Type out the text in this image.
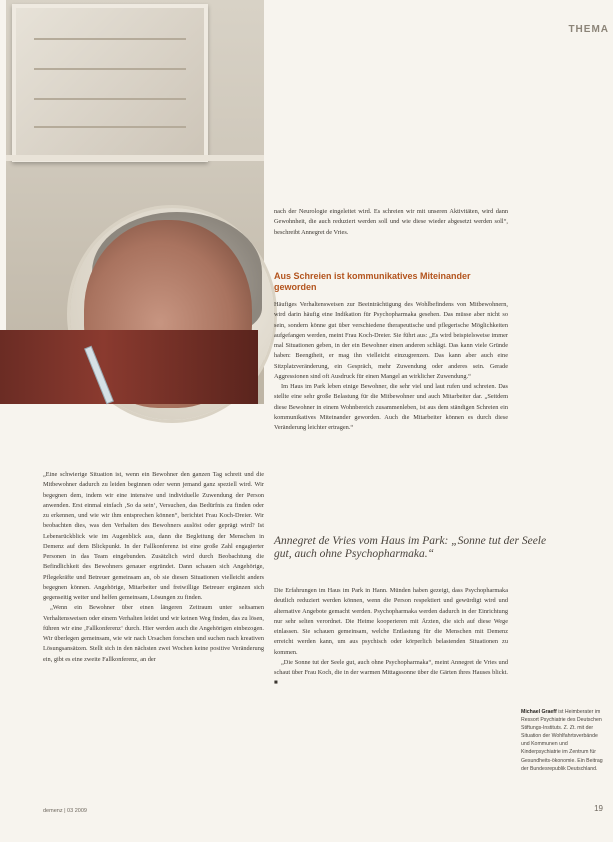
THEMA

nach der Neurologie eingeleitet wird. Es schreien wir mit unseren Aktivitäten, wird dann Gewohnheit, die auch reduziert werden soll und wie diese wieder abgesetzt werden soll“, beschreibt Annegret de Vries.

Aus Schreien ist kommunikatives Miteinander geworden

Häufiges Verhaltensweisen zur Beeinträchtigung des Wohlbefindens von Mitbewohnern, wird darin häufig eine Indikation für Psychopharmaka gesehen. Das müsse aber nicht so sein, sondern könne gut über verschiedene therapeutische und pflegerische Möglichkeiten aufgefangen werden, meint Frau Koch-Dreier. Sie führt aus: „Es wird beispielsweise immer mal Situationen geben, in der ein Bewohner einen anderen schlägt. Das kann viele Gründe haben: Beengtheit, er mag ihn vielleicht einzugrenzen. Das kann aber auch eine Sitzplatzveränderung, ein Gespräch, mehr Zuwendung oder anderes sein. Gerade Aggressionen sind oft Ausdruck für einen Mangel an wirklicher Zuwendung.“

Im Haus im Park leben einige Bewohner, die sehr viel und laut rufen und schreien. Das stellte eine sehr große Belastung für die Mitbewohner und auch Mitarbeiter dar. „Seitdem diese Bewohner in einem Wohnbereich zusammenleben, ist aus dem ständigen Schreien ein kommunikatives Miteinander geworden. Auch die Mitarbeiter können es durch diese Veränderung leichter ertragen.“

Annegret de Vries vom Haus im Park: „Sonne tut der Seele gut, auch ohne Psychopharmaka.“

„Eine schwierige Situation ist, wenn ein Bewohner den ganzen Tag schreit und die Mitbewohner dadurch zu leiden beginnen oder wenn jemand ganz speziell wird. Wir begegnen dem, indem wir eine intensive und individuelle Zuwendung der Person anwenden. Erst einmal einfach ‚So da sein‘, Versuchen, das Bedürfnis zu finden oder zu erkennen, und wie wir ihm entsprechen können“, berichtet Frau Koch-Dreier. Wir beobachten dies, was den Verhalten des Bewohners auslöst oder geprägt wird? Ist Lebensrückblick wie im Augenblick aus, dann die Begleitung der Menschen in Demenz auf dem Blickpunkt. In der Fallkonferenz ist eine große Zahl engagierter Personen in das Team eingebunden. Zusätzlich wird durch Beobachtung die Befindlichkeit des Bewohners genauer ergründet. Dann schauen sich Angehörige, Pflegekräfte und Betreuer gemeinsam an, ob sie diesen Situationen vielleicht anders begegnen können. Angehörige, Mitarbeiter und freiwillige Betreuer ergänzen sich gegenseitig weiter und helfen gemeinsam, Lösungen zu finden.

„Wenn ein Bewohner über einen längeren Zeitraum unter seltsamen Verhaltensweisen oder einem Verhalten leidet und wir keinen Weg finden, das zu lösen, führen wir eine ‚Fallkonferenz‘ durch. Hier werden auch die Angehörigen einbezogen. Wir überlegen gemeinsam, wie wir nach Ursachen forschen und suchen nach kreativen Lösungsansätzen. Stellt sich in den nächsten zwei Wochen keine positive Veränderung ein, gibt es eine zweite Fallkonferenz, an der

Die Erfahrungen im Haus im Park in Hann. Münden haben gezeigt, dass Psychopharmaka deutlich reduziert werden können, wenn die Person respektiert und gewürdigt wird und alternative Angebote gemacht werden. Psychopharmaka werden dadurch in der Einrichtung nur sehr selten verordnet. Die Heime kooperieren mit Ärzten, die sich auf diese Wege einlassen. Sie schauen gemeinsam, welche Entlastung für die Menschen mit Demenz erreicht werden kann, um aus psychisch oder körperlich belastenden Situationen zu kommen.

„Die Sonne tut der Seele gut, auch ohne Psychopharmaka“, meint Annegret de Vries und schaut über Frau Koch, die in der warmen Mittagssonne über die Gärten ihres Hauses blickt. ■

Michael Graeff ist Heimberater im Ressort Psychiatrie des Deutschen Stiftungs-Instituts. Z. Zt. mit der Situation der Wohlfahrtsverbände und Kommunen und Kinderpsychiatrie im Zentrum für Gesundheits-ökonomie. Ein Beitrag der Bundesrepublik Deutschland.
demenz | 03 2009	19
